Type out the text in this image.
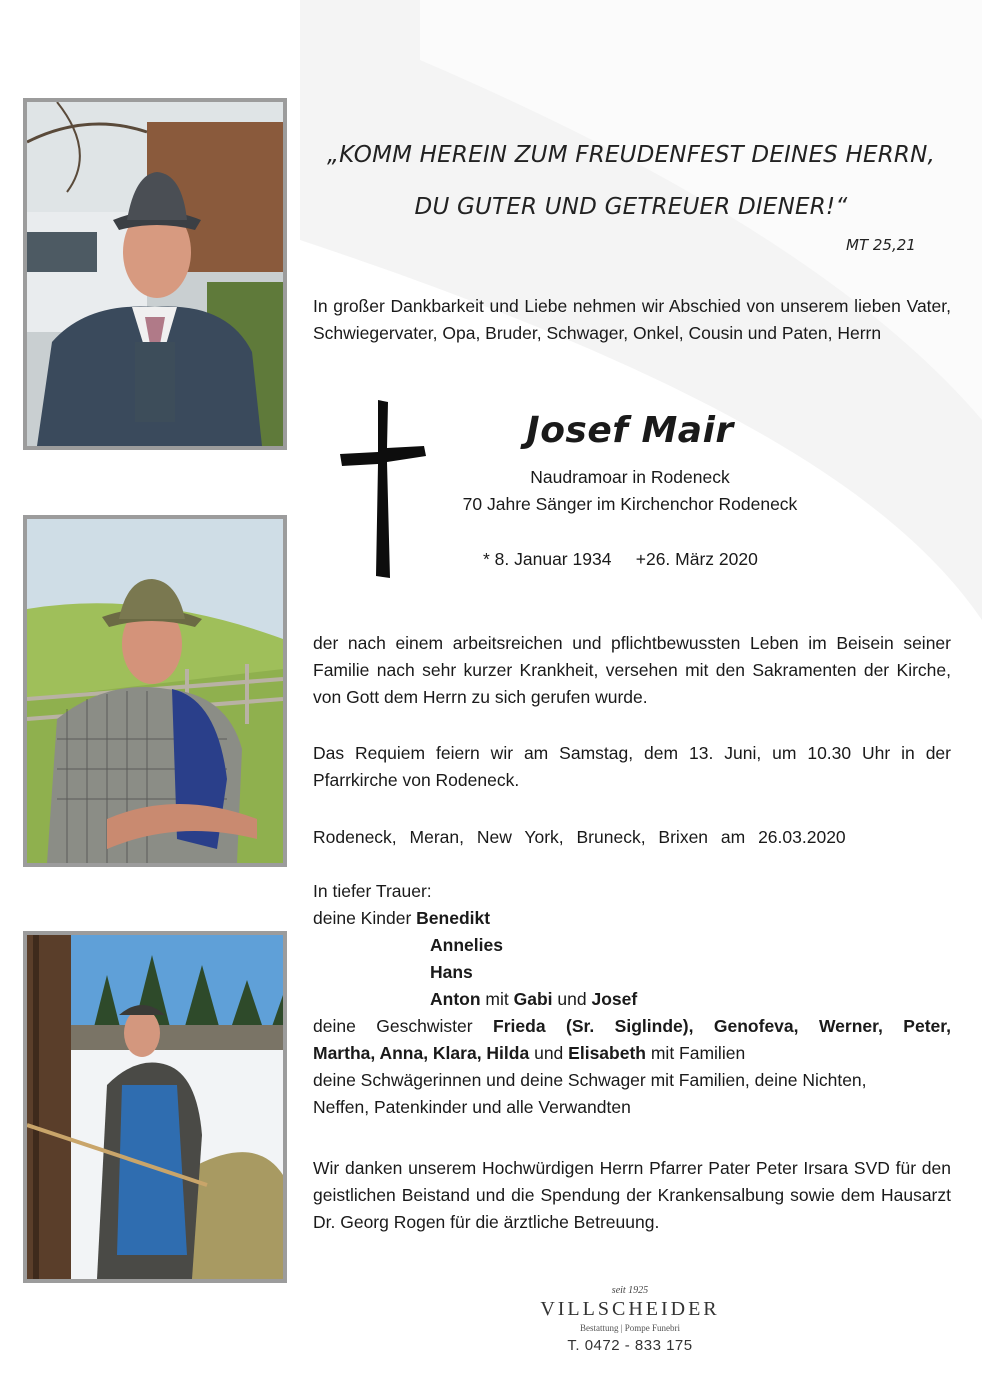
„KOMM HEREIN ZUM FREUDENFEST DEINES HERRN,
DU GUTER UND GETREUER DIENER!“
MT 25,21
In großer Dankbarkeit und Liebe nehmen wir Abschied von unserem lieben Vater, Schwiegervater, Opa, Bruder, Schwager, Onkel, Cousin und Paten, Herrn
Josef Mair
Naudramoar in Rodeneck
70 Jahre Sänger im Kirchenchor Rodeneck
* 8. Januar 1934 +26. März 2020
der nach einem arbeitsreichen und pflichtbewussten Leben im Beisein seiner Familie nach sehr kurzer Krankheit, versehen mit den Sakramenten der Kirche, von Gott dem Herrn zu sich gerufen wurde.
Das Requiem feiern wir am Samstag, dem 13. Juni, um 10.30 Uhr in der Pfarrkirche von Rodeneck.
Rodeneck, Meran, New York, Bruneck, Brixen am 26.03.2020
In tiefer Trauer:
deine Kinder Benedikt
Annelies
Hans
Anton mit Gabi und Josef
deine Geschwister Frieda (Sr. Siglinde), Genofeva, Werner, Peter,
Martha, Anna, Klara, Hilda und Elisabeth mit Familien
deine Schwägerinnen und deine Schwager mit Familien, deine Nichten,
Neffen, Patenkinder und alle Verwandten
Wir danken unserem Hochwürdigen Herrn Pfarrer Pater Peter Irsara SVD für den geistlichen Beistand und die Spendung der Krankensalbung sowie dem Hausarzt Dr. Georg Rogen für die ärztliche Betreuung.
seit 1925
VILLSCHEIDER
Bestattung | Pompe Funebri
T. 0472 - 833 175
